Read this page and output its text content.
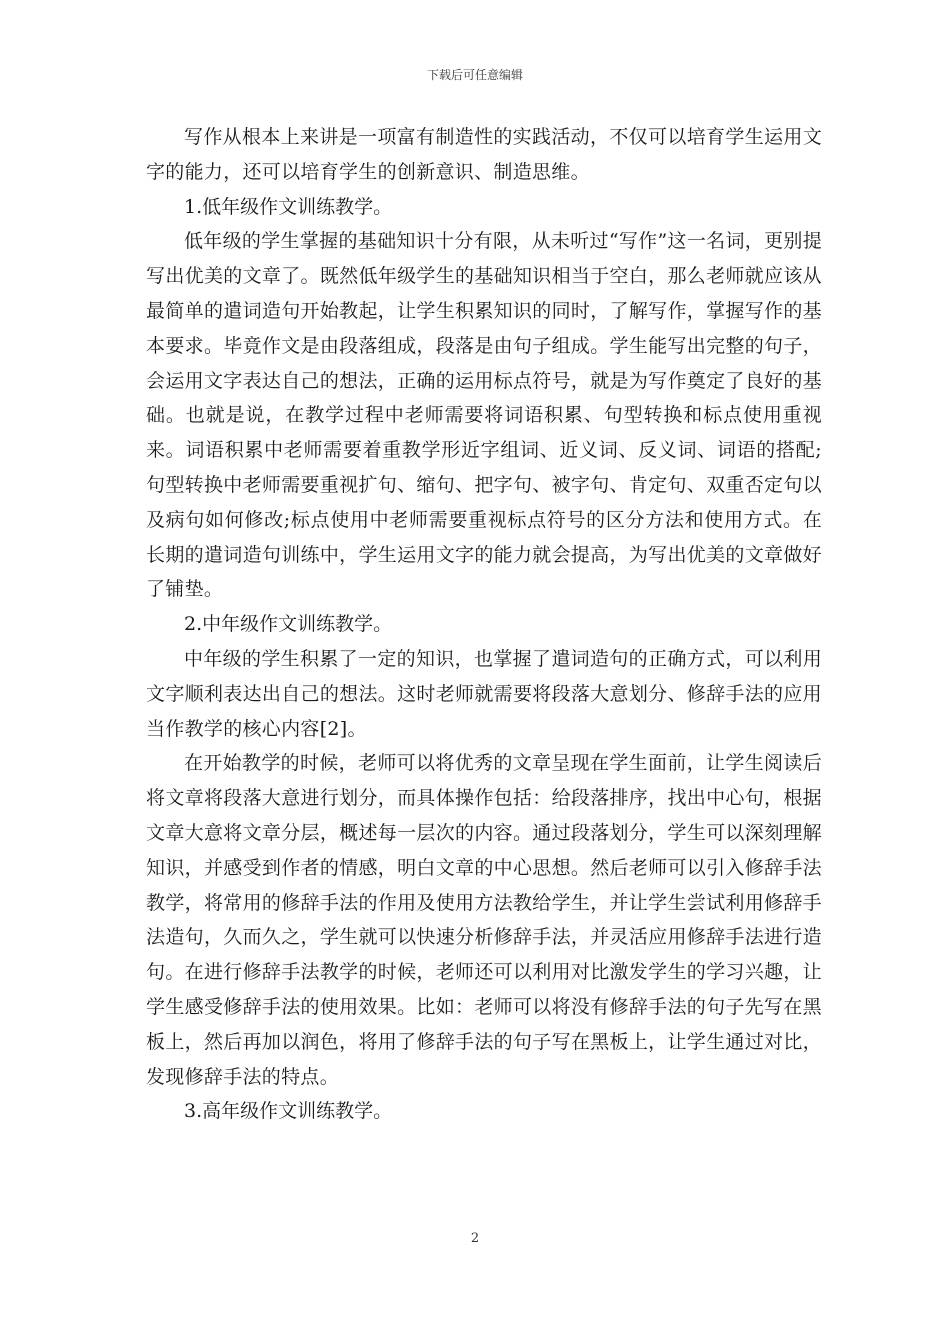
下载后可任意编辑

写作从根本上来讲是一项富有制造性的实践活动，不仅可以培育学生运用文字的能力，还可以培育学生的创新意识、制造思维。

1.低年级作文训练教学。

低年级的学生掌握的基础知识十分有限，从未听过“写作”这一名词，更别提写出优美的文章了。既然低年级学生的基础知识相当于空白，那么老师就应该从最简单的遣词造句开始教起，让学生积累知识的同时，了解写作，掌握写作的基本要求。毕竟作文是由段落组成，段落是由句子组成。学生能写出完整的句子，会运用文字表达自己的想法，正确的运用标点符号，就是为写作奠定了良好的基础。也就是说，在教学过程中老师需要将词语积累、句型转换和标点使用重视来。词语积累中老师需要着重教学形近字组词、近义词、反义词、词语的搭配;句型转换中老师需要重视扩句、缩句、把字句、被字句、肯定句、双重否定句以及病句如何修改;标点使用中老师需要重视标点符号的区分方法和使用方式。在长期的遣词造句训练中，学生运用文字的能力就会提高，为写出优美的文章做好了铺垫。

2.中年级作文训练教学。

中年级的学生积累了一定的知识，也掌握了遣词造句的正确方式，可以利用文字顺利表达出自己的想法。这时老师就需要将段落大意划分、修辞手法的应用当作教学的核心内容[2]。

在开始教学的时候，老师可以将优秀的文章呈现在学生面前，让学生阅读后将文章将段落大意进行划分，而具体操作包括：给段落排序，找出中心句，根据文章大意将文章分层，概述每一层次的内容。通过段落划分，学生可以深刻理解知识，并感受到作者的情感，明白文章的中心思想。然后老师可以引入修辞手法教学，将常用的修辞手法的作用及使用方法教给学生，并让学生尝试利用修辞手法造句，久而久之，学生就可以快速分析修辞手法，并灵活应用修辞手法进行造句。在进行修辞手法教学的时候，老师还可以利用对比激发学生的学习兴趣，让学生感受修辞手法的使用效果。比如：老师可以将没有修辞手法的句子先写在黑板上，然后再加以润色，将用了修辞手法的句子写在黑板上，让学生通过对比，发现修辞手法的特点。

3.高年级作文训练教学。

2
